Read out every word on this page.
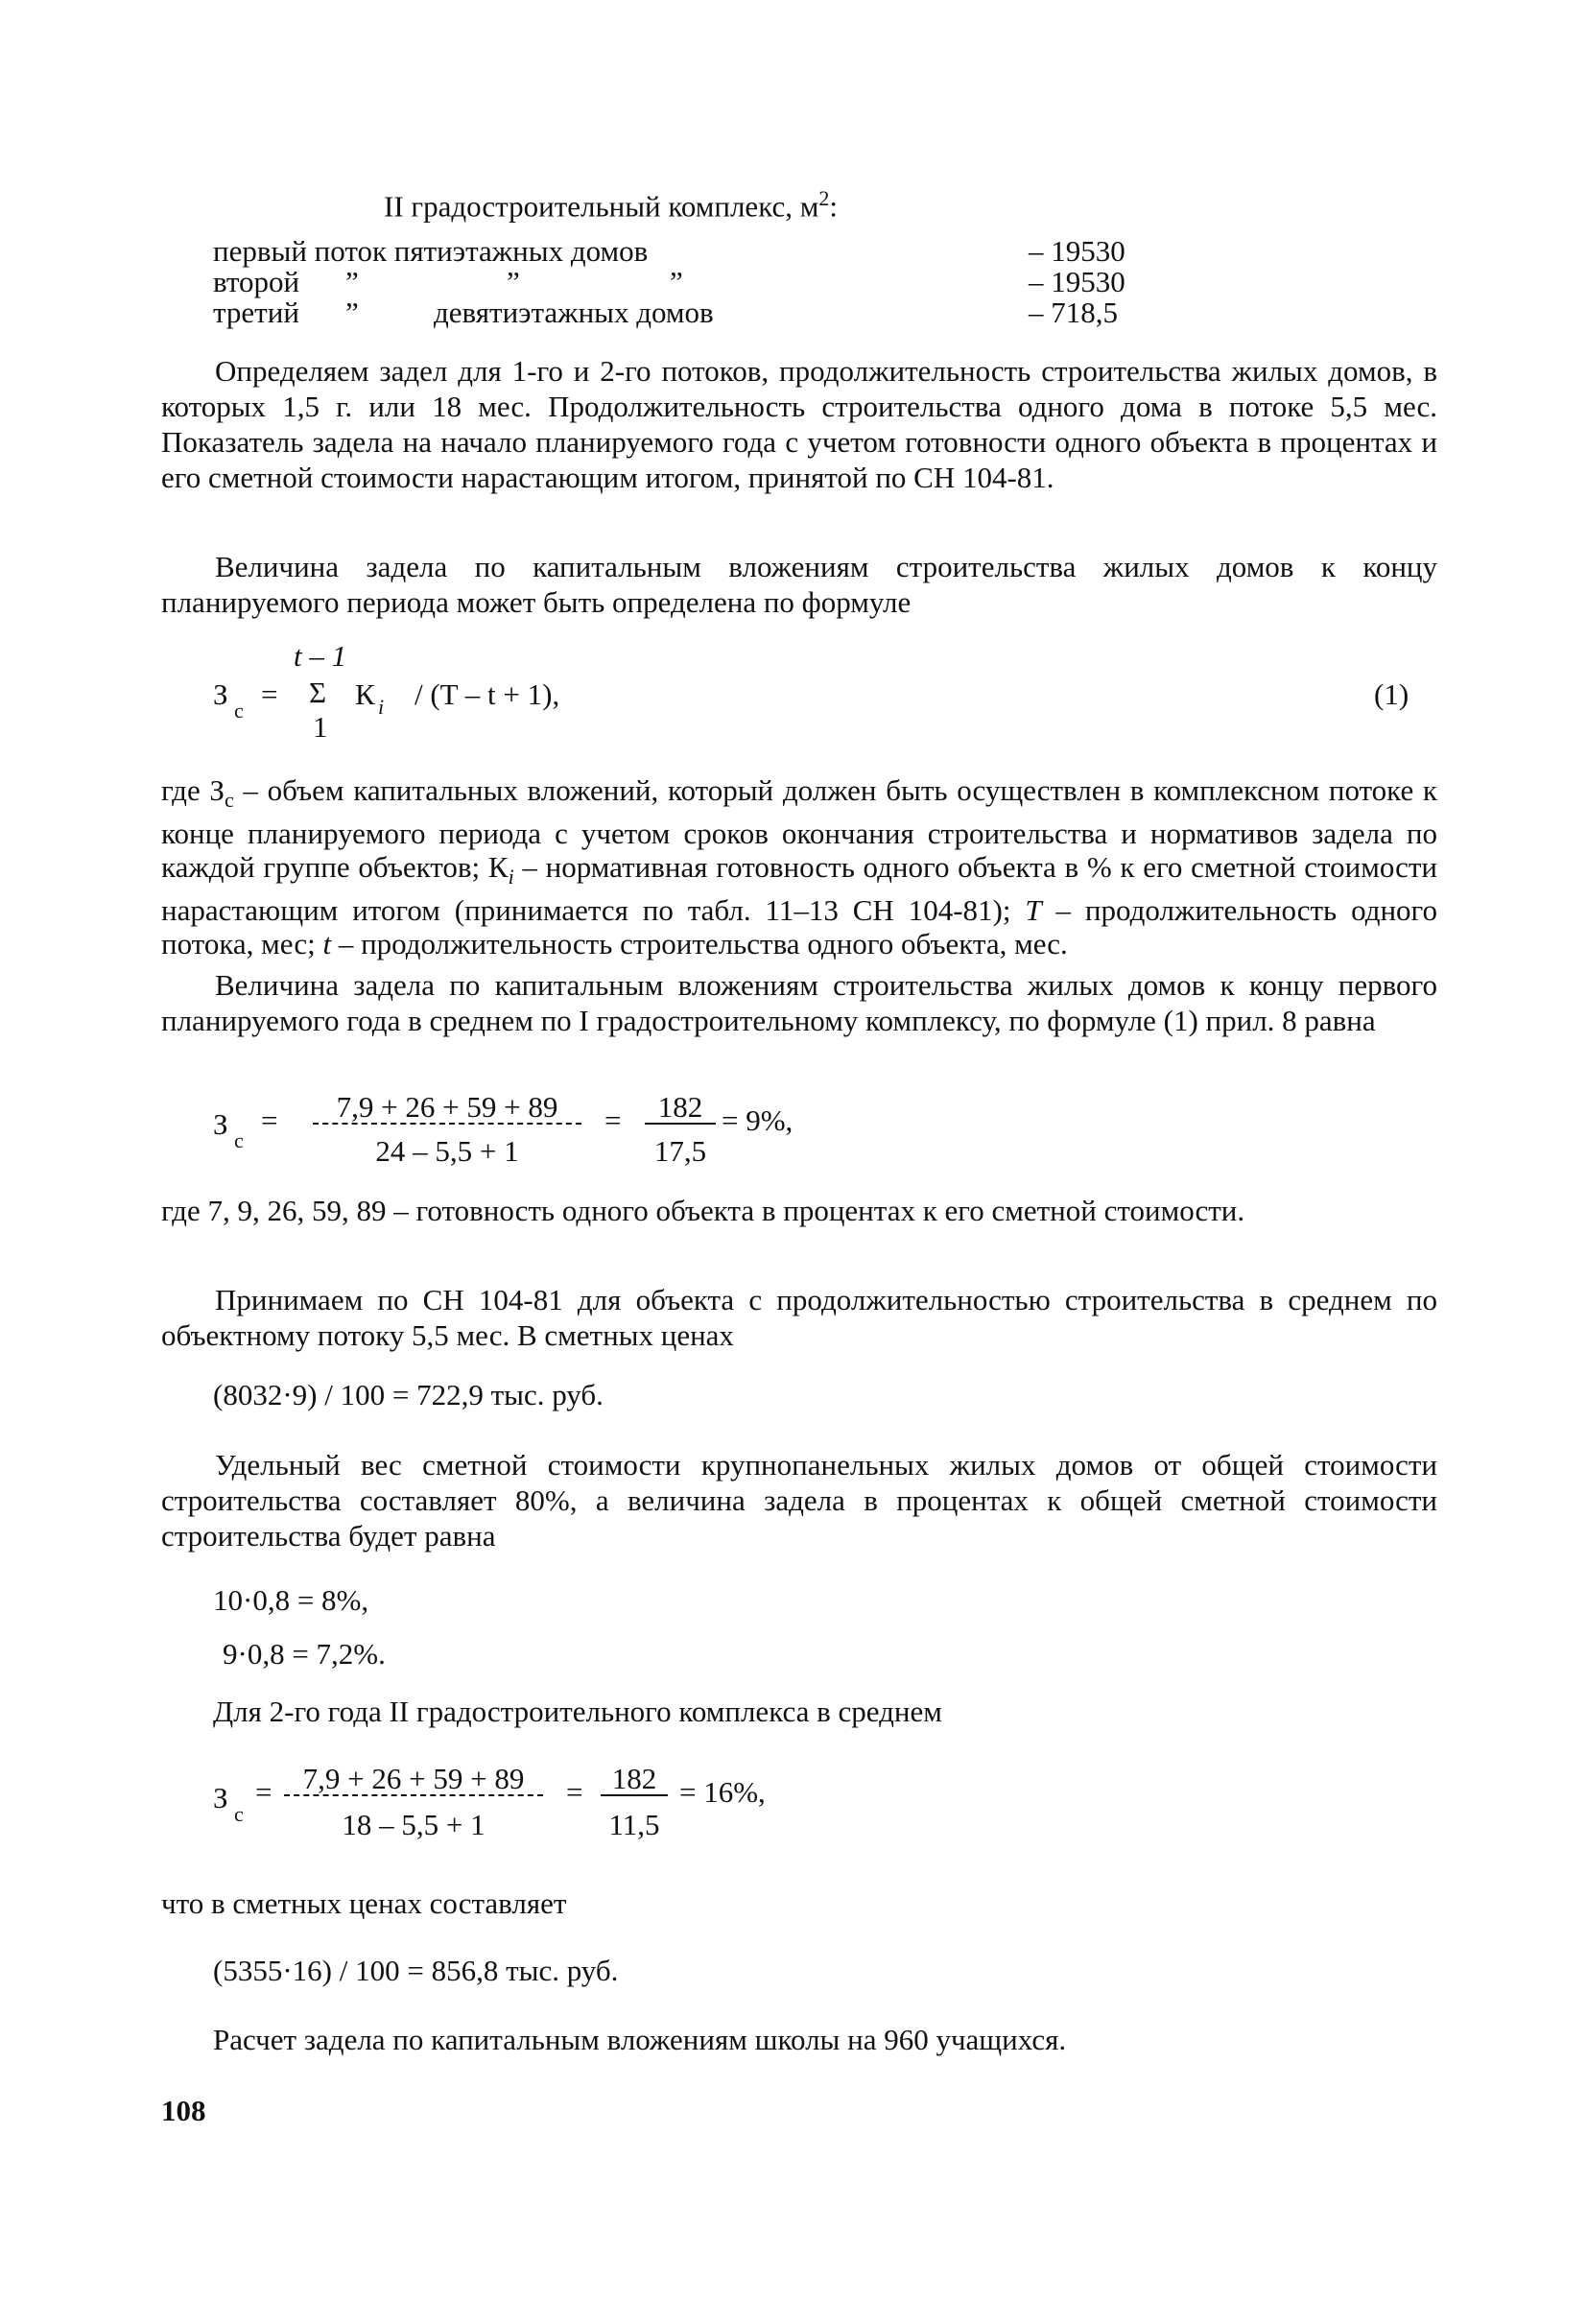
II градостроительный комплекс, $м^2$:
первый поток пятиэтажных домов	– 19530
второй ”	”	”	– 19530
третий ”	девятиэтажных домов	– 718,5
Определяем задел для 1-го и 2-го потоков, продолжительность строительства жилых домов, в которых 1,5 г. или 18 мес. Продолжительность строительства одного дома в потоке 5,5 мес. Показатель задела на начало планируемого года с учетом готовности одного объекта в процентах и его сметной стоимости нарастающим итогом, принятой по СН 104-81.
Величина задела по капитальным вложениям строительства жилых домов к концу планируемого периода может быть определена по формуле
t – 1
З с = Σ К i / (T – t + 1),
1
(1)
где $З_с$ – объем капитальных вложений, который должен быть осуществлен в комплексном потоке к конце планируемого периода с учетом сроков окончания строительства и нормативов задела по каждой группе объектов; $К_i$ – нормативная готовность одного объекта в % к его сметной стоимости нарастающим итогом (принимается по табл. 11–13 СН 104-81); T – продолжительность одного потока, мес; t – продолжительность строительства одного объекта, мес.
Величина задела по капитальным вложениям строительства жилых домов к концу первого планируемого года в среднем по I градостроительному комплексу, по формуле (1) прил. 8 равна
З с
=	7,9 + 26 + 59 + 89
24 – 5,5 + 1
=	182
17,5
= 9%,
где 7, 9, 26, 59, 89 – готовность одного объекта в процентах к его сметной стоимости.
Принимаем по СН 104-81 для объекта с продолжительностью строительства в среднем по объектному потоку 5,5 мес. В сметных ценах
(8032·9) / 100 = 722,9 тыс. руб.
Удельный вес сметной стоимости крупнопанельных жилых домов от общей стоимости строительства составляет 80%, а величина задела в процентах к общей сметной стоимости строительства будет равна
10·0,8 = 8%,
9·0,8 = 7,2%.
Для 2-го года II градостроительного комплекса в среднем
З с
=	7,9 + 26 + 59 + 89
18 – 5,5 + 1
= 182
11,5
= 16%,
что в сметных ценах составляет
(5355·16) / 100 = 856,8 тыс. руб.
Расчет задела по капитальным вложениям школы на 960 учащихся.
108
